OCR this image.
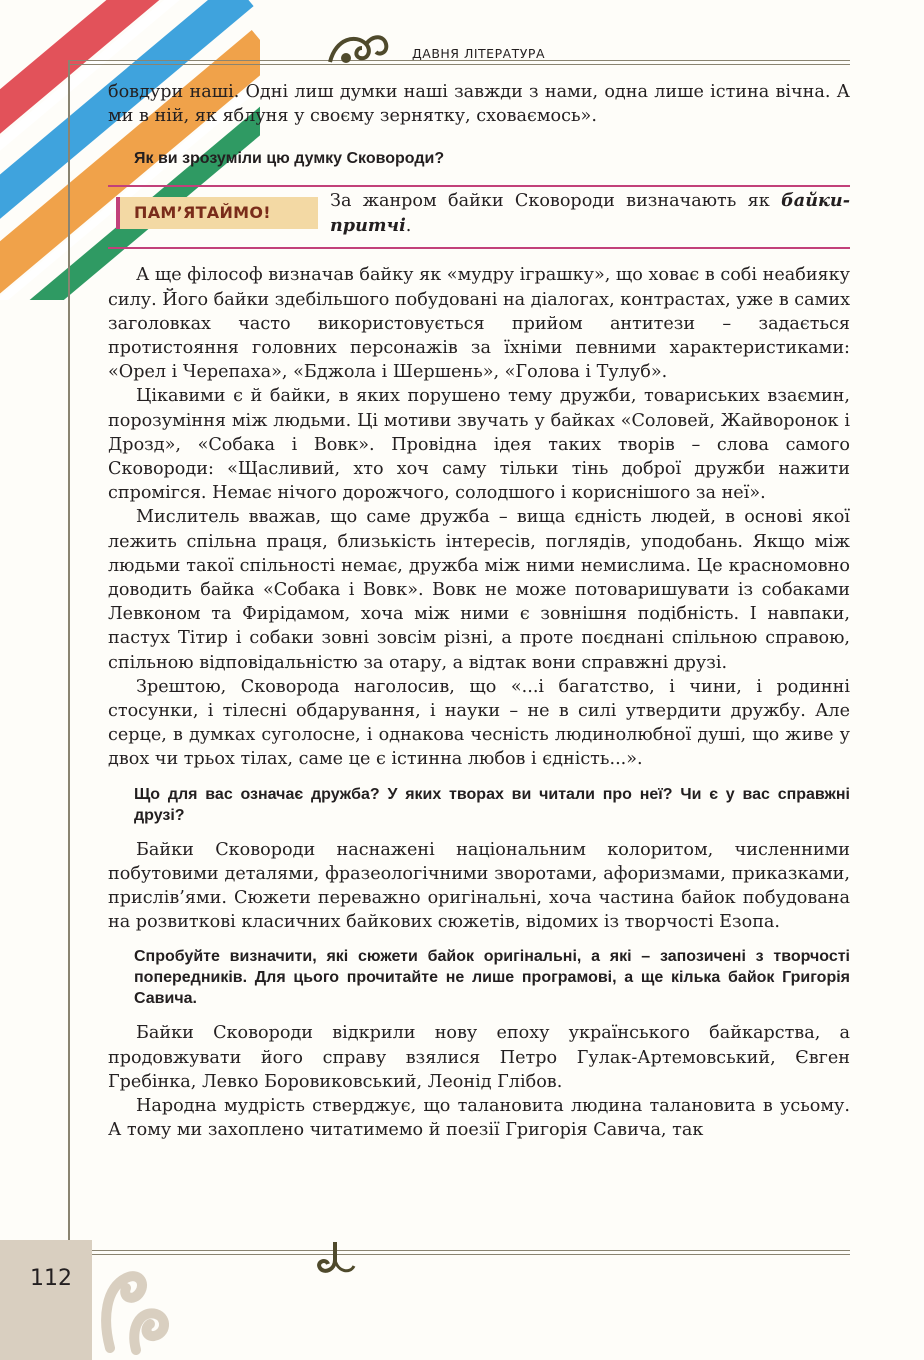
ДАВНЯ ЛІТЕРАТУРА

бовдури наші. Одні лиш думки наші завжди з нами, одна лише істина вічна. А ми в ній, як яблуня у своєму зернятку, сховаємось».

Як ви зрозуміли цю думку Сковороди?

ПАМ’ЯТАЙМО!
За жанром байки Сковороди визначають як байки-притчі.

А ще філософ визначав байку як «мудру іграшку», що ховає в собі неабияку силу. Його байки здебільшого побудовані на діалогах, контрастах, уже в самих заголовках часто використовується прийом антитези – задається протистояння головних персонажів за їхніми певними характеристиками: «Орел і Черепаха», «Бджола і Шершень», «Голова і Тулуб».

Цікавими є й байки, в яких порушено тему дружби, товариських взаємин, порозуміння між людьми. Ці мотиви звучать у байках «Соловей, Жайворонок і Дрозд», «Собака і Вовк». Провідна ідея таких творів – слова самого Сковороди: «Щасливий, хто хоч саму тільки тінь доброї дружби нажити спромігся. Немає нічого дорожчого, солодшого і кориснішого за неї».

Мислитель вважав, що саме дружба – вища єдність людей, в основі якої лежить спільна праця, близькість інтересів, поглядів, уподобань. Якщо між людьми такої спільності немає, дружба між ними немислима. Це красномовно доводить байка «Собака і Вовк». Вовк не може потоваришувати із собаками Левконом та Фирідамом, хоча між ними є зовнішня подібність. І навпаки, пастух Тітир і собаки зовні зовсім різні, а проте поєднані спільною справою, спільною відповідальністю за отару, а відтак вони справжні друзі.

Зрештою, Сковорода наголосив, що «...і багатство, і чини, і родинні стосунки, і тілесні обдарування, і науки – не в силі утвердити дружбу. Але серце, в думках суголосне, і однакова чесність людинолюбної душі, що живе у двох чи трьох тілах, саме це є істинна любов і єдність...».

Що для вас означає дружба? У яких творах ви читали про неї? Чи є у вас справжні друзі?

Байки Сковороди наснажені національним колоритом, численними побутовими деталями, фразеологічними зворотами, афоризмами, приказками, прислів’ями. Сюжети переважно оригінальні, хоча частина байок побудована на розвиткові класичних байкових сюжетів, відомих із творчості Езопа.

Спробуйте визначити, які сюжети байок оригінальні, а які – запозичені з творчості попередників. Для цього прочитайте не лише програмові, а ще кілька байок Григорія Савича.

Байки Сковороди відкрили нову епоху українського байкарства, а продовжувати його справу взялися Петро Гулак-Артемовський, Євген Гребінка, Левко Боровиковський, Леонід Глібов.

Народна мудрість стверджує, що талановита людина талановита в усьому. А тому ми захоплено читатимемо й поезії Григорія Савича, так

112
